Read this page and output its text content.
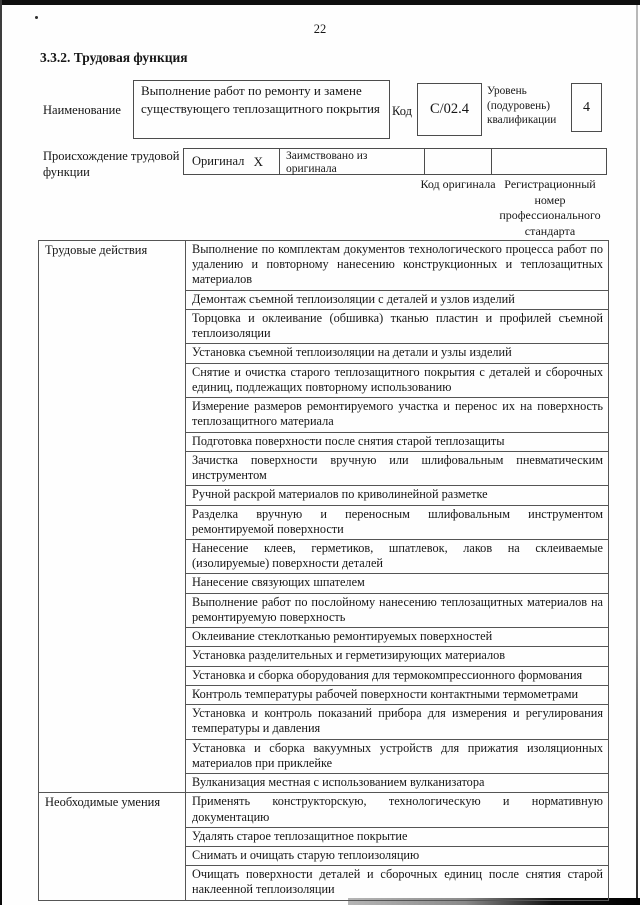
22
3.3.2. Трудовая функция
Наименование
Выполнение работ по ремонту и замене существующего теплозащитного покрытия Код С/02.4
Уровень (подуровень) квалификации
4
Происхождение трудовой функции
Оригинал X	Заимствовано из оригинала
Код оригинала Регистрационный номер профессионального стандарта
Трудовые действия	Выполнение по комплектам документов технологического процесса работ по удалению и повторному нанесению конструкционных и теплозащитных материалов
	Демонтаж съемной теплоизоляции с деталей и узлов изделий
	Торцовка и оклеивание (обшивка) тканью пластин и профилей съемной теплоизоляции
	Установка съемной теплоизоляции на детали и узлы изделий
	Снятие и очистка старого теплозащитного покрытия с деталей и сборочных единиц, подлежащих повторному использованию
	Измерение размеров ремонтируемого участка и перенос их на поверхность теплозащитного материала
	Подготовка поверхности после снятия старой теплозащиты
	Зачистка поверхности вручную или шлифовальным пневматическим инструментом
	Ручной раскрой материалов по криволинейной разметке
	Разделка вручную и переносным шлифовальным инструментом ремонтируемой поверхности
	Нанесение клеев, герметиков, шпатлевок, лаков на склеиваемые (изолируемые) поверхности деталей
	Нанесение связующих шпателем
	Выполнение работ по послойному нанесению теплозащитных материалов на ремонтируемую поверхность
	Оклеивание стеклотканью ремонтируемых поверхностей
	Установка разделительных и герметизирующих материалов
	Установка и сборка оборудования для термокомпрессионного формования
	Контроль температуры рабочей поверхности контактными термометрами
	Установка и контроль показаний прибора для измерения и регулирования температуры и давления
	Установка и сборка вакуумных устройств для прижатия изоляционных материалов при приклейке
	Вулканизация местная с использованием вулканизатора
Необходимые умения	Применять конструкторскую, технологическую и нормативную документацию
	Удалять старое теплозащитное покрытие
	Снимать и очищать старую теплоизоляцию
	Очищать поверхности деталей и сборочных единиц после снятия старой наклеенной теплоизоляции
